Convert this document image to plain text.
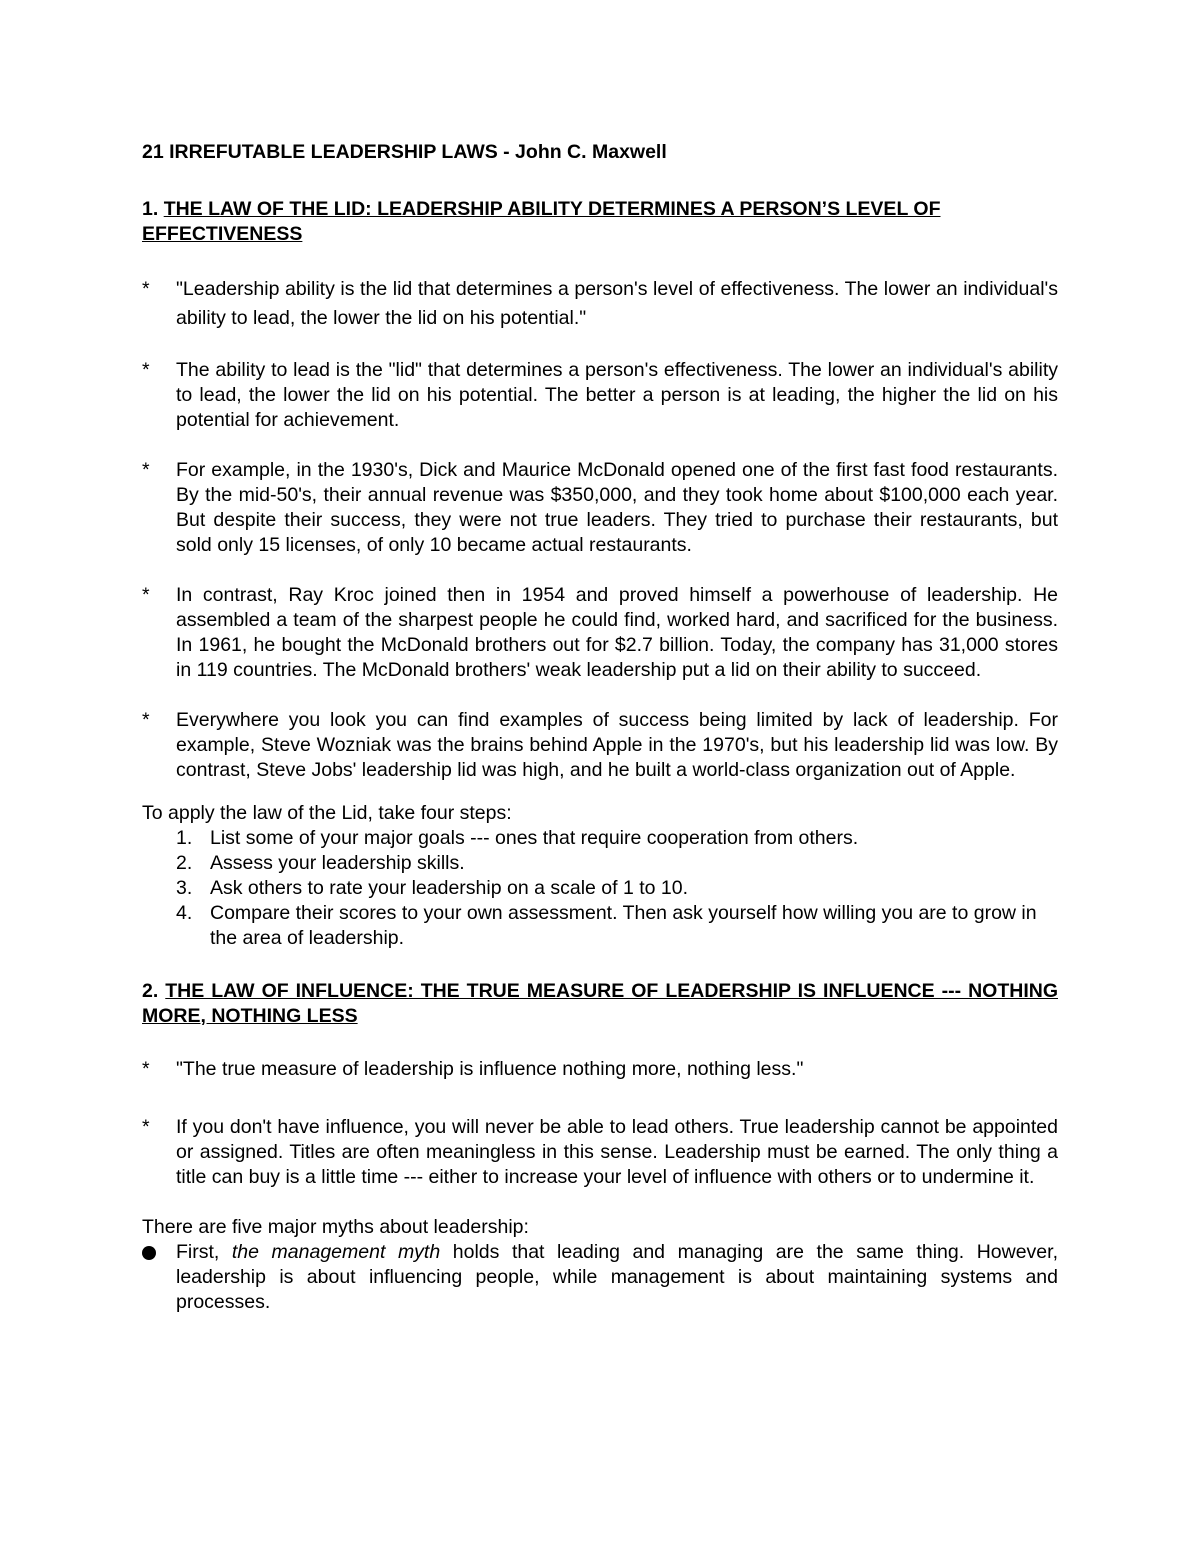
21 IRREFUTABLE LEADERSHIP LAWS - John C. Maxwell
1. THE LAW OF THE LID: LEADERSHIP ABILITY DETERMINES A PERSON’S LEVEL OF EFFECTIVENESS
* "Leadership ability is the lid that determines a person's level of effectiveness. The lower an individual's ability to lead, the lower the lid on his potential."
* The ability to lead is the "lid" that determines a person's effectiveness. The lower an individual's ability to lead, the lower the lid on his potential. The better a person is at leading, the higher the lid on his potential for achievement.
* For example, in the 1930's, Dick and Maurice McDonald opened one of the first fast food restaurants. By the mid-50's, their annual revenue was $350,000, and they took home about $100,000 each year. But despite their success, they were not true leaders. They tried to purchase their restaurants, but sold only 15 licenses, of only 10 became actual restaurants.
* In contrast, Ray Kroc joined then in 1954 and proved himself a powerhouse of leadership. He assembled a team of the sharpest people he could find, worked hard, and sacrificed for the business. In 1961, he bought the McDonald brothers out for $2.7 billion. Today, the company has 31,000 stores in 119 countries. The McDonald brothers' weak leadership put a lid on their ability to succeed.
* Everywhere you look you can find examples of success being limited by lack of leadership. For example, Steve Wozniak was the brains behind Apple in the 1970's, but his leadership lid was low. By contrast, Steve Jobs' leadership lid was high, and he built a world-class organization out of Apple.

To apply the law of the Lid, take four steps:

1. List some of your major goals --- ones that require cooperation from others.
2. Assess your leadership skills.
3. Ask others to rate your leadership on a scale of 1 to 10.
4. Compare their scores to your own assessment. Then ask yourself how willing you are to grow in the area of leadership.
2. THE LAW OF INFLUENCE: THE TRUE MEASURE OF LEADERSHIP IS INFLUENCE --- NOTHING MORE, NOTHING LESS
* "The true measure of leadership is influence nothing more, nothing less."
* If you don't have influence, you will never be able to lead others. True leadership cannot be appointed or assigned. Titles are often meaningless in this sense. Leadership must be earned. The only thing a title can buy is a little time --- either to increase your level of influence with others or to undermine it.

There are five major myths about leadership:

First, the management myth holds that leading and managing are the same thing. However, leadership is about influencing people, while management is about maintaining systems and processes.
